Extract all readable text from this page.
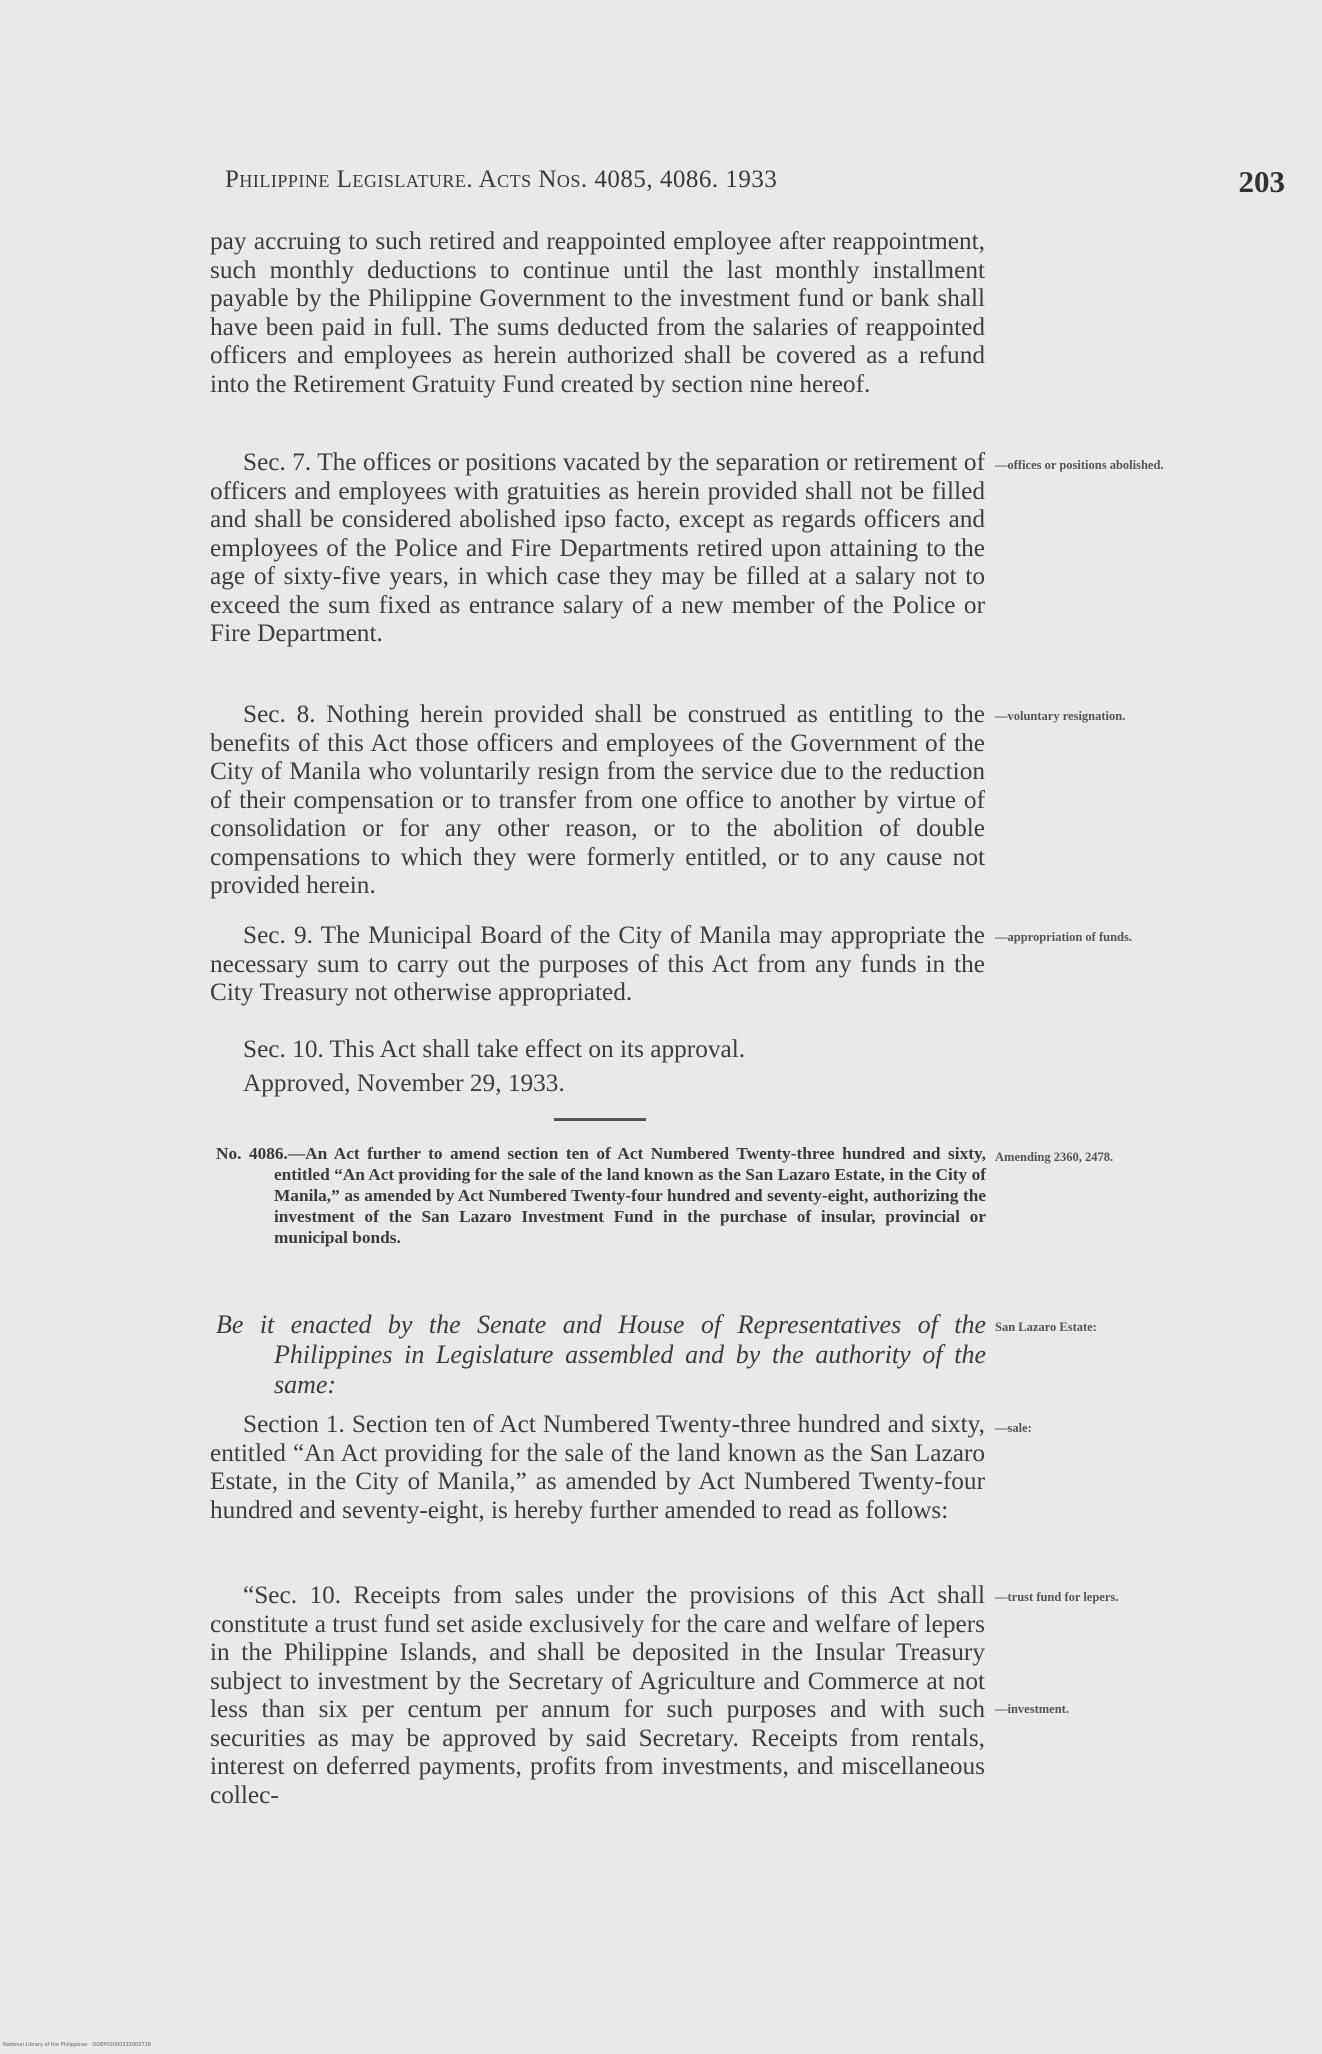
Philippine Legislature. Acts Nos. 4085, 4086. 1933	203

pay accruing to such retired and reappointed employee after reappointment, such monthly deductions to continue until the last monthly installment payable by the Philippine Government to the investment fund or bank shall have been paid in full. The sums deducted from the salaries of reappointed officers and employees as herein authorized shall be covered as a refund into the Retirement Gratuity Fund created by section nine hereof.

Sec. 7. The offices or positions vacated by the separation or retirement of officers and employees with gratuities as herein provided shall not be filled and shall be considered abolished ipso facto, except as regards officers and employees of the Police and Fire Departments retired upon attaining to the age of sixty-five years, in which case they may be filled at a salary not to exceed the sum fixed as entrance salary of a new member of the Police or Fire Department.

—offices or positions abolished.

Sec. 8. Nothing herein provided shall be construed as entitling to the benefits of this Act those officers and employees of the Government of the City of Manila who voluntarily resign from the service due to the reduction of their compensation or to transfer from one office to another by virtue of consolidation or for any other reason, or to the abolition of double compensations to which they were formerly entitled, or to any cause not provided herein.

—voluntary resignation.

Sec. 9. The Municipal Board of the City of Manila may appropriate the necessary sum to carry out the purposes of this Act from any funds in the City Treasury not otherwise appropriated.

—appropriation of funds.

Sec. 10. This Act shall take effect on its approval.

Approved, November 29, 1933.

No. 4086.—An Act further to amend section ten of Act Numbered Twenty-three hundred and sixty, entitled “An Act providing for the sale of the land known as the San Lazaro Estate, in the City of Manila,” as amended by Act Numbered Twenty-four hundred and seventy-eight, authorizing the investment of the San Lazaro Investment Fund in the purchase of insular, provincial or municipal bonds.

Amending 2360, 2478.

Be it enacted by the Senate and House of Representatives of the Philippines in Legislature assembled and by the authority of the same:

San Lazaro Estate:

Section 1. Section ten of Act Numbered Twenty-three hundred and sixty, entitled “An Act providing for the sale of the land known as the San Lazaro Estate, in the City of Manila,” as amended by Act Numbered Twenty-four hundred and seventy-eight, is hereby further amended to read as follows:

—sale:

“Sec. 10. Receipts from sales under the provisions of this Act shall constitute a trust fund set aside exclusively for the care and welfare of lepers in the Philippine Islands, and shall be deposited in the Insular Treasury subject to investment by the Secretary of Agriculture and Commerce at not less than six per centum per annum for such purposes and with such securities as may be approved by said Secretary. Receipts from rentals, interest on deferred payments, profits from investments, and miscellaneous collec-

—trust fund for lepers.
—investment.
National Library of the Philippines · DOEP00000332003718
